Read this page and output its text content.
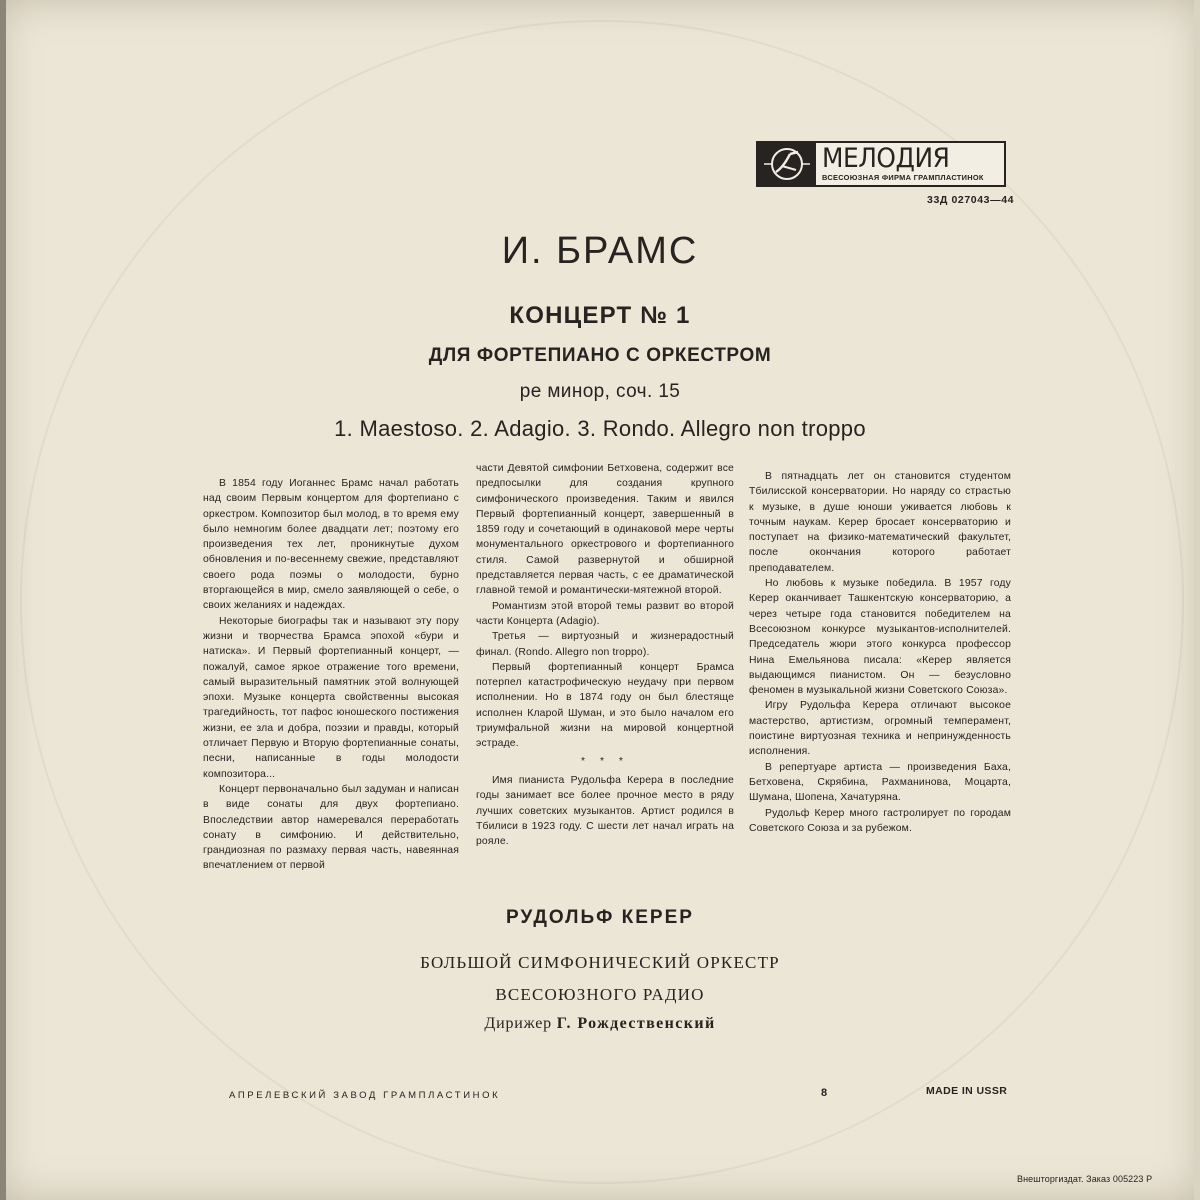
МЕЛОДИЯ
ВСЕСОЮЗНАЯ ФИРМА ГРАМПЛАСТИНОК
33Д 027043—44
И. БРАМС
КОНЦЕРТ № 1
ДЛЯ ФОРТЕПИАНО С ОРКЕСТРОМ
ре минор, соч. 15
1. Maestoso. 2. Adagio. 3. Rondo. Allegro non troppo

В 1854 году Иоганнес Брамс начал работать над своим Первым концертом для фортепиано с оркестром. Композитор был молод, в то время ему было немногим более двадцати лет; поэтому его произведения тех лет, проникнутые духом обновления и по-весеннему свежие, представляют своего рода поэмы о молодости, бурно вторгающейся в мир, смело заявляющей о себе, о своих желаниях и надеждах.

Некоторые биографы так и называют эту пору жизни и творчества Брамса эпохой «бури и натиска». И Первый фортепианный концерт, — пожалуй, самое яркое отражение того времени, самый выразительный памятник этой волнующей эпохи. Музыке концерта свойственны высокая трагедийность, тот пафос юношеского постижения жизни, ее зла и добра, поэзии и правды, который отличает Первую и Вторую фортепианные сонаты, песни, написанные в годы молодости композитора...

Концерт первоначально был задуман и написан в виде сонаты для двух фортепиано. Впоследствии автор намеревался переработать сонату в симфонию. И действительно, грандиозная по размаху первая часть, навеянная впечатлением от первой

части Девятой симфонии Бетховена, содержит все предпосылки для создания крупного симфонического произведения. Таким и явился Первый фортепианный концерт, завершенный в 1859 году и сочетающий в одинаковой мере черты монументального оркестрового и фортепианного стиля. Самой развернутой и обширной представляется первая часть, с ее драматической главной темой и романтически-мятежной второй.

Романтизм этой второй темы развит во второй части Концерта (Adagio).

Третья — виртуозный и жизнерадостный финал. (Rondo. Allegro non troppo).

Первый фортепианный концерт Брамса потерпел катастрофическую неудачу при первом исполнении. Но в 1874 году он был блестяще исполнен Кларой Шуман, и это было началом его триумфальной жизни на мировой концертной эстраде.

* * *

Имя пианиста Рудольфа Керера в последние годы занимает все более прочное место в ряду лучших советских музыкантов. Артист родился в Тбилиси в 1923 году. С шести лет начал играть на рояле.

В пятнадцать лет он становится студентом Тбилисской консерватории. Но наряду со страстью к музыке, в душе юноши уживается любовь к точным наукам. Керер бросает консерваторию и поступает на физико-математический факультет, после окончания которого работает преподавателем.

Но любовь к музыке победила. В 1957 году Керер оканчивает Ташкентскую консерваторию, а через четыре года становится победителем на Всесоюзном конкурсе музыкантов-исполнителей. Председатель жюри этого конкурса профессор Нина Емельянова писала: «Керер является выдающимся пианистом. Он — безусловно феномен в музыкальной жизни Советского Союза».

Игру Рудольфа Керера отличают высокое мастерство, артистизм, огромный темперамент, поистине виртуозная техника и непринужденность исполнения.

В репертуаре артиста — произведения Баха, Бетховена, Скрябина, Рахманинова, Моцарта, Шумана, Шопена, Хачатуряна.

Рудольф Керер много гастролирует по городам Советского Союза и за рубежом.

РУДОЛЬФ КЕРЕР
БОЛЬШОЙ СИМФОНИЧЕСКИЙ ОРКЕСТР
ВСЕСОЮЗНОГО РАДИО
Дирижер Г. Рождественский
АПРЕЛЕВСКИЙ ЗАВОД ГРАМПЛАСТИНОК	8	MADE IN USSR
Внешторгиздат. Заказ 005223 Р
